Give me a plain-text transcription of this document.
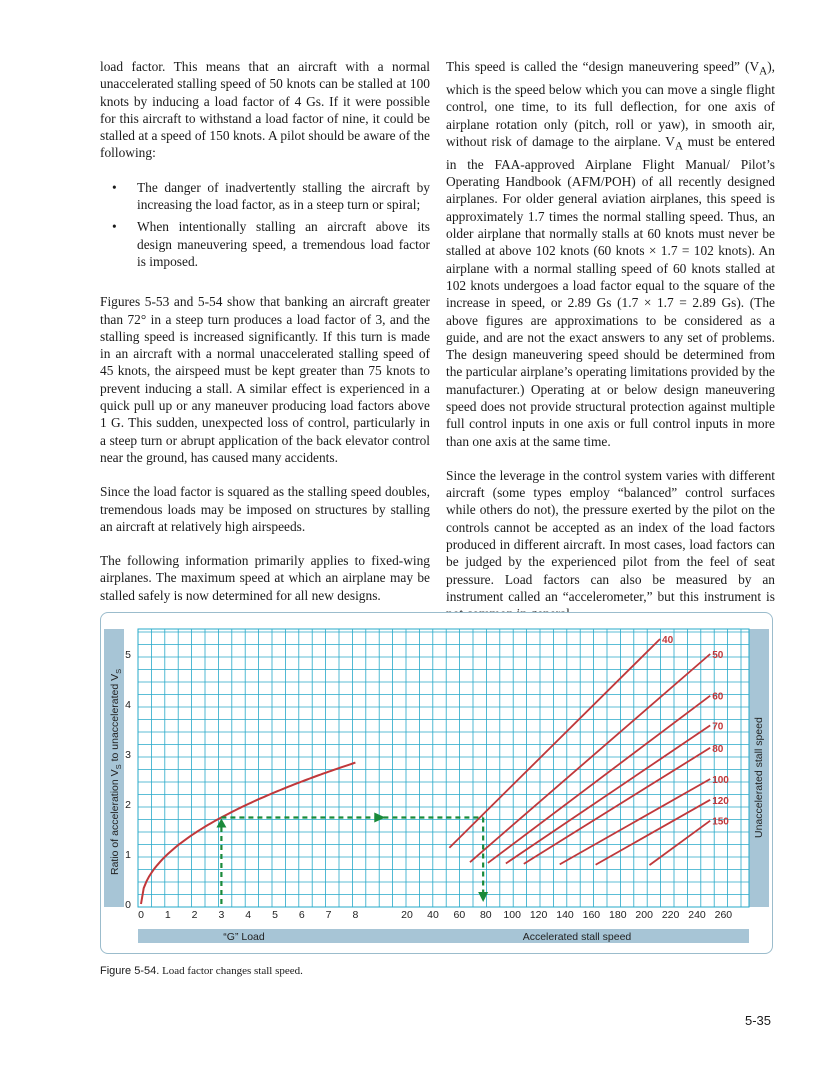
load factor. This means that an aircraft with a normal unaccelerated stalling speed of 50 knots can be stalled at 100 knots by inducing a load factor of 4 Gs. If it were possible for this aircraft to withstand a load factor of nine, it could be stalled at a speed of 150 knots. A pilot should be aware of the following:

• The danger of inadvertently stalling the aircraft by increasing the load factor, as in a steep turn or spiral;
• When intentionally stalling an aircraft above its design maneuvering speed, a tremendous load factor is imposed.

Figures 5-53 and 5-54 show that banking an aircraft greater than 72° in a steep turn produces a load factor of 3, and the stalling speed is increased significantly. If this turn is made in an aircraft with a normal unaccelerated stalling speed of 45 knots, the airspeed must be kept greater than 75 knots to prevent inducing a stall. A similar effect is experienced in a quick pull up or any maneuver producing load factors above 1 G. This sudden, unexpected loss of control, particularly in a steep turn or abrupt application of the back elevator control near the ground, has caused many accidents.

Since the load factor is squared as the stalling speed doubles, tremendous loads may be imposed on structures by stalling an aircraft at relatively high airspeeds.

The following information primarily applies to fixed-wing airplanes. The maximum speed at which an airplane may be stalled safely is now determined for all new designs.

This speed is called the “design maneuvering speed” $(V_A)$, which is the speed below which you can move a single flight control, one time, to its full deflection, for one axis of airplane rotation only (pitch, roll or yaw), in smooth air, without risk of damage to the airplane. $V_A$ must be entered in the FAA-approved Airplane Flight Manual/ Pilot’s Operating Handbook (AFM/POH) of all recently designed airplanes. For older general aviation airplanes, this speed is approximately 1.7 times the normal stalling speed. Thus, an older airplane that normally stalls at 60 knots must never be stalled at above 102 knots (60 knots × 1.7 = 102 knots). An airplane with a normal stalling speed of 60 knots stalled at 102 knots undergoes a load factor equal to the square of the increase in speed, or 2.89 Gs (1.7 × 1.7 = 2.89 Gs). (The above figures are approximations to be considered as a guide, and are not the exact answers to any set of problems. The design maneuvering speed should be determined from the particular airplane’s operating limitations provided by the manufacturer.) Operating at or below design maneuvering speed does not provide structural protection against multiple full control inputs in one axis or full control inputs in more than one axis at the same time.

Since the leverage in the control system varies with different aircraft (some types employ “balanced” control surfaces while others do not), the pressure exerted by the pilot on the controls cannot be accepted as an index of the load factors produced in different aircraft. In most cases, load factors can be judged by the experienced pilot from the feel of seat pressure. Load factors can also be measured by an instrument called an “accelerometer,” but this instrument is

0
1
2
3
4
5
0 1 2 3 4 5 6 7 8	20 40 60 80 100 120 140 160 180 200 220 240 260
40
50
60
70
80
100
120
150
Ratio of acceleration $V_S$ to unaccelerated $V_S$
Unaccelerated stall speed
“G” Load	Accelerated stall speed
Figure 5-54. Load factor changes stall speed.
5-35
